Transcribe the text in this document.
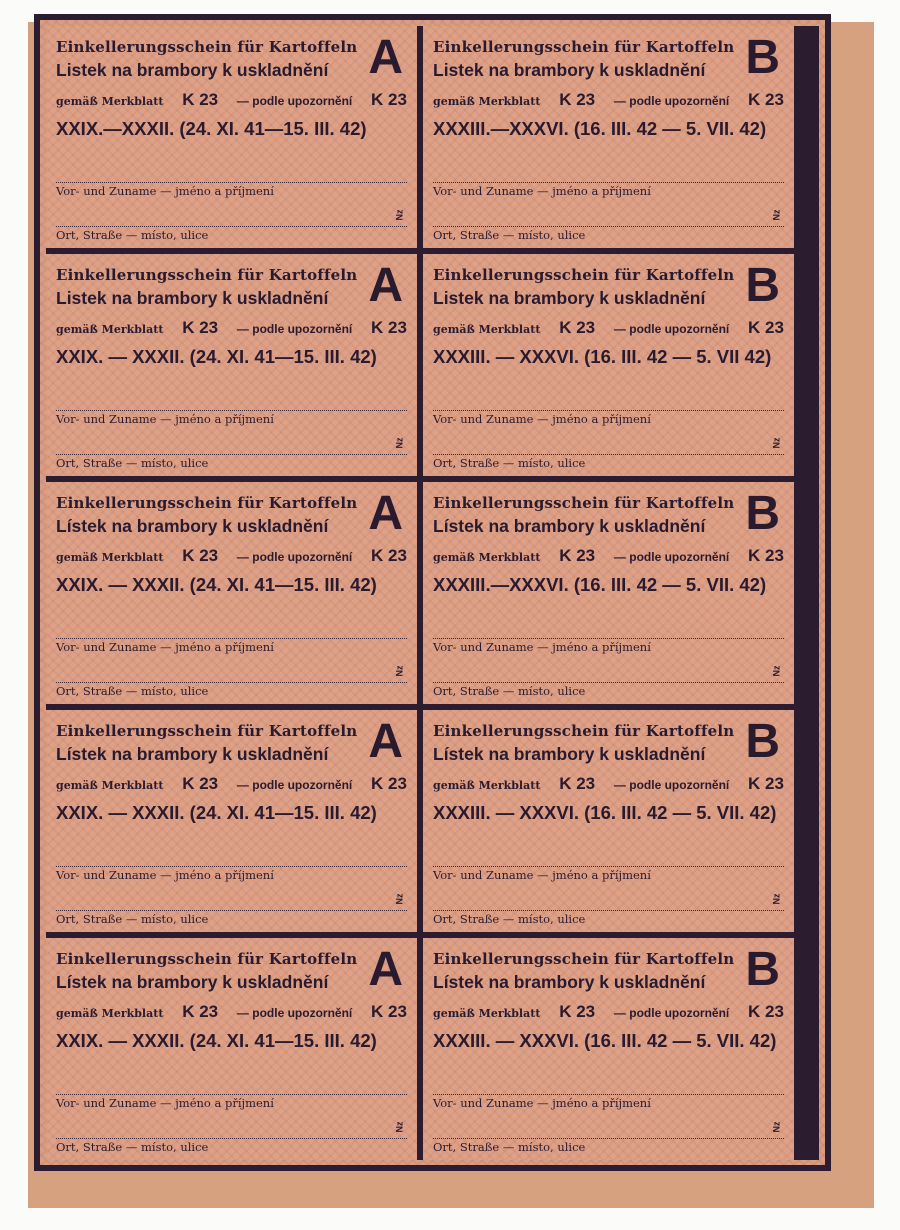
Einkellerungsschein für Kartoffeln
Listek na brambory k uskladnění A
gemäß Merkblatt K 23 — podle upozornění K 23
XXIX.—XXXII. (24. XI. 41—15. III. 42)
Vor- und Zuname — jméno a příjmení
Ort, Straße — místo, ulice
Nz
Einkellerungsschein für Kartoffeln
Listek na brambory k uskladnění B
gemäß Merkblatt K 23 — podle upozornění K 23
XXXIII.—XXXVI. (16. III. 42 — 5. VII. 42)
Vor- und Zuname — jméno a příjmení
Ort, Straße — místo, ulice
Nz
Einkellerungsschein für Kartoffeln
Listek na brambory k uskladnění A
gemäß Merkblatt K 23 — podle upozornění K 23
XXIX. — XXXII. (24. XI. 41—15. III. 42)
Vor- und Zuname — jméno a příjmení
Ort, Straße — místo, ulice
Nz
Einkellerungsschein für Kartoffeln
Listek na brambory k uskladnění B
gemäß Merkblatt K 23 — podle upozornění K 23
XXXIII. — XXXVI. (16. III. 42 — 5. VII 42)
Vor- und Zuname — jméno a příjmení
Ort, Straße — místo, ulice
Nz
Einkellerungsschein für Kartoffeln
Lístek na brambory k uskladnění A
gemäß Merkblatt K 23 — podle upozornění K 23
XXIX. — XXXII. (24. XI. 41—15. III. 42)
Vor- und Zuname — jméno a příjmení
Ort, Straße — místo, ulice
Nz
Einkellerungsschein für Kartoffeln
Lístek na brambory k uskladnění B
gemäß Merkblatt K 23 — podle upozornění K 23
XXXIII.—XXXVI. (16. III. 42 — 5. VII. 42)
Vor- und Zuname — jméno a příjmení
Ort, Straße — místo, ulice
Nz
Einkellerungsschein für Kartoffeln
Lístek na brambory k uskladnění A
gemäß Merkblatt K 23 — podle upozornění K 23
XXIX. — XXXII. (24. XI. 41—15. III. 42)
Vor- und Zuname — jméno a příjmení
Ort, Straße — místo, ulice
Nz
Einkellerungsschein für Kartoffeln
Lístek na brambory k uskladnění B
gemäß Merkblatt K 23 — podle upozornění K 23
XXXIII. — XXXVI. (16. III. 42 — 5. VII. 42)
Vor- und Zuname — jméno a příjmení
Ort, Straße — místo, ulice
Nz
Einkellerungsschein für Kartoffeln
Lístek na brambory k uskladnění A
gemäß Merkblatt K 23 — podle upozornění K 23
XXIX. — XXXII. (24. XI. 41—15. III. 42)
Vor- und Zuname — jméno a příjmení
Ort, Straße — místo, ulice
Nz
Einkellerungsschein für Kartoffeln
Lístek na brambory k uskladnění B
gemäß Merkblatt K 23 — podle upozornění K 23
XXXIII. — XXXVI. (16. III. 42 — 5. VII. 42)
Vor- und Zuname — jméno a příjmení
Ort, Straße — místo, ulice
Nz
